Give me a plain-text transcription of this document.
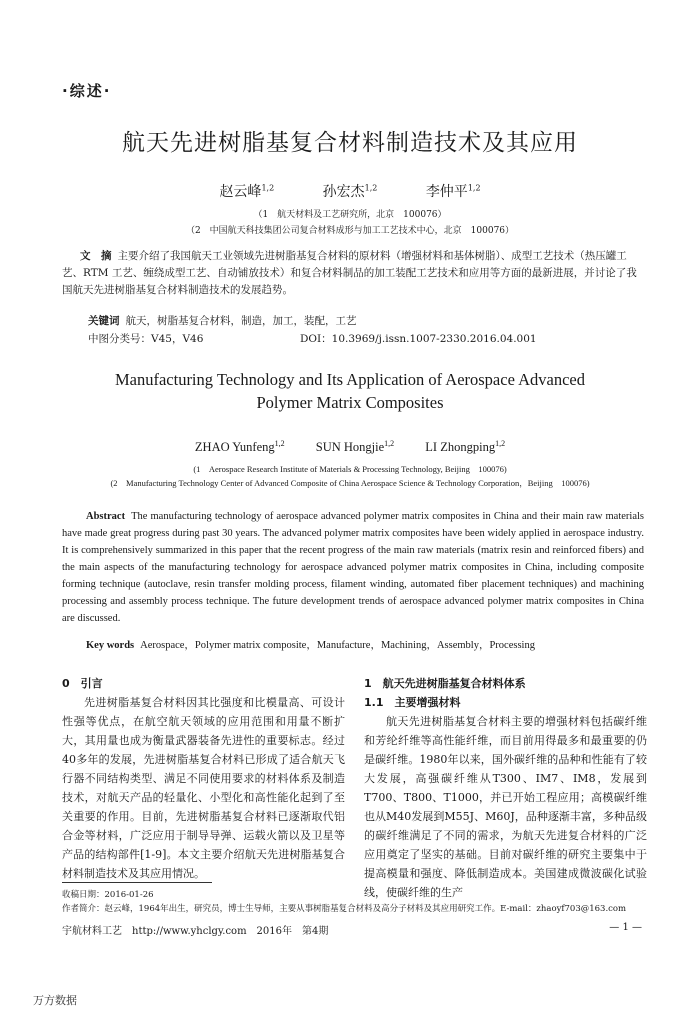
·综述·
航天先进树脂基复合材料制造技术及其应用
赵云峰$^{1,2}$	孙宏杰$^{1,2}$	李仲平$^{1,2}$
（1　航天材料及工艺研究所，北京　100076）
（2　中国航天科技集团公司复合材料成形与加工工艺技术中心，北京　100076）
文　摘 主要介绍了我国航天工业领域先进树脂基复合材料的原材料（增强材料和基体树脂）、成型工艺技术（热压罐工艺、RTM 工艺、缠绕成型工艺、自动铺放技术）和复合材料制品的加工装配工艺技术和应用等方面的最新进展，并讨论了我国航天先进树脂基复合材料制造技术的发展趋势。
关键词 航天，树脂基复合材料，制造，加工，装配，工艺
中图分类号：V45，V46	DOI：10.3969/j.issn.1007-2330.2016.04.001
Manufacturing Technology and Its Application of Aerospace Advanced Polymer Matrix Composites
ZHAO Yunfeng$^{1,2}$ SUN Hongjie$^{1,2}$ LI Zhongping$^{1,2}$
(1　Aerospace Research Institute of Materials & Processing Technology, Beijing　100076)
(2　Manufacturing Technology Center of Advanced Composite of China Aerospace Science & Technology Corporation，Beijing　100076)
Abstract The manufacturing technology of aerospace advanced polymer matrix composites in China and their main raw materials have made great progress during past 30 years. The advanced polymer matrix composites have been widely applied in aerospace industry. It is comprehensively summarized in this paper that the recent progress of the main raw materials (matrix resin and reinforced fibers) and the main aspects of the manufacturing technology for aerospace advanced polymer matrix composites in China, including composite forming technique (autoclave, resin transfer molding process, filament winding, automated fiber placement techniques) and machining processing and assembly process technique. The future development trends of aerospace advanced polymer matrix composites in China are discussed.
Key words Aerospace，Polymer matrix composite，Manufacture，Machining，Assembly，Processing
0　引言
先进树脂基复合材料因其比强度和比模量高、可设计性强等优点，在航空航天领域的应用范围和用量不断扩大，其用量也成为衡量武器装备先进性的重要标志。经过40多年的发展，先进树脂基复合材料已形成了适合航天飞行器不同结构类型、满足不同使用要求的材料体系及制造技术，对航天产品的轻量化、小型化和高性能化起到了至关重要的作用。目前，先进树脂基复合材料已逐渐取代铝合金等材料，广泛应用于制导导弹、运载火箭以及卫星等产品的结构部件[1-9]。本文主要介绍航天先进树脂基复合材料制造技术及其应用情况。
1　航天先进树脂基复合材料体系
1.1　主要增强材料
航天先进树脂基复合材料主要的增强材料包括碳纤维和芳纶纤维等高性能纤维，而目前用得最多和最重要的仍是碳纤维。1980年以来，国外碳纤维的品种和性能有了较大发展，高强碳纤维从T300、IM7、IM8，发展到T700、T800、T1000，并已开始工程应用；高模碳纤维也从M40发展到M55J、M60J，品种逐渐丰富，多种品级的碳纤维满足了不同的需求，为航天先进复合材料的广泛应用奠定了坚实的基础。目前对碳纤维的研究主要集中于提高模量和强度、降低制造成本。美国建成微波碳化试验线，使碳纤维的生产
收稿日期：2016-01-26
作者简介：赵云峰，1964年出生，研究员，博士生导师，主要从事树脂基复合材料及高分子材料及其应用研究工作。E-mail：zhaoyf703@163.com
宇航材料工艺　http://www.yhclgy.com　2016年　第4期	— 1 —
万方数据
